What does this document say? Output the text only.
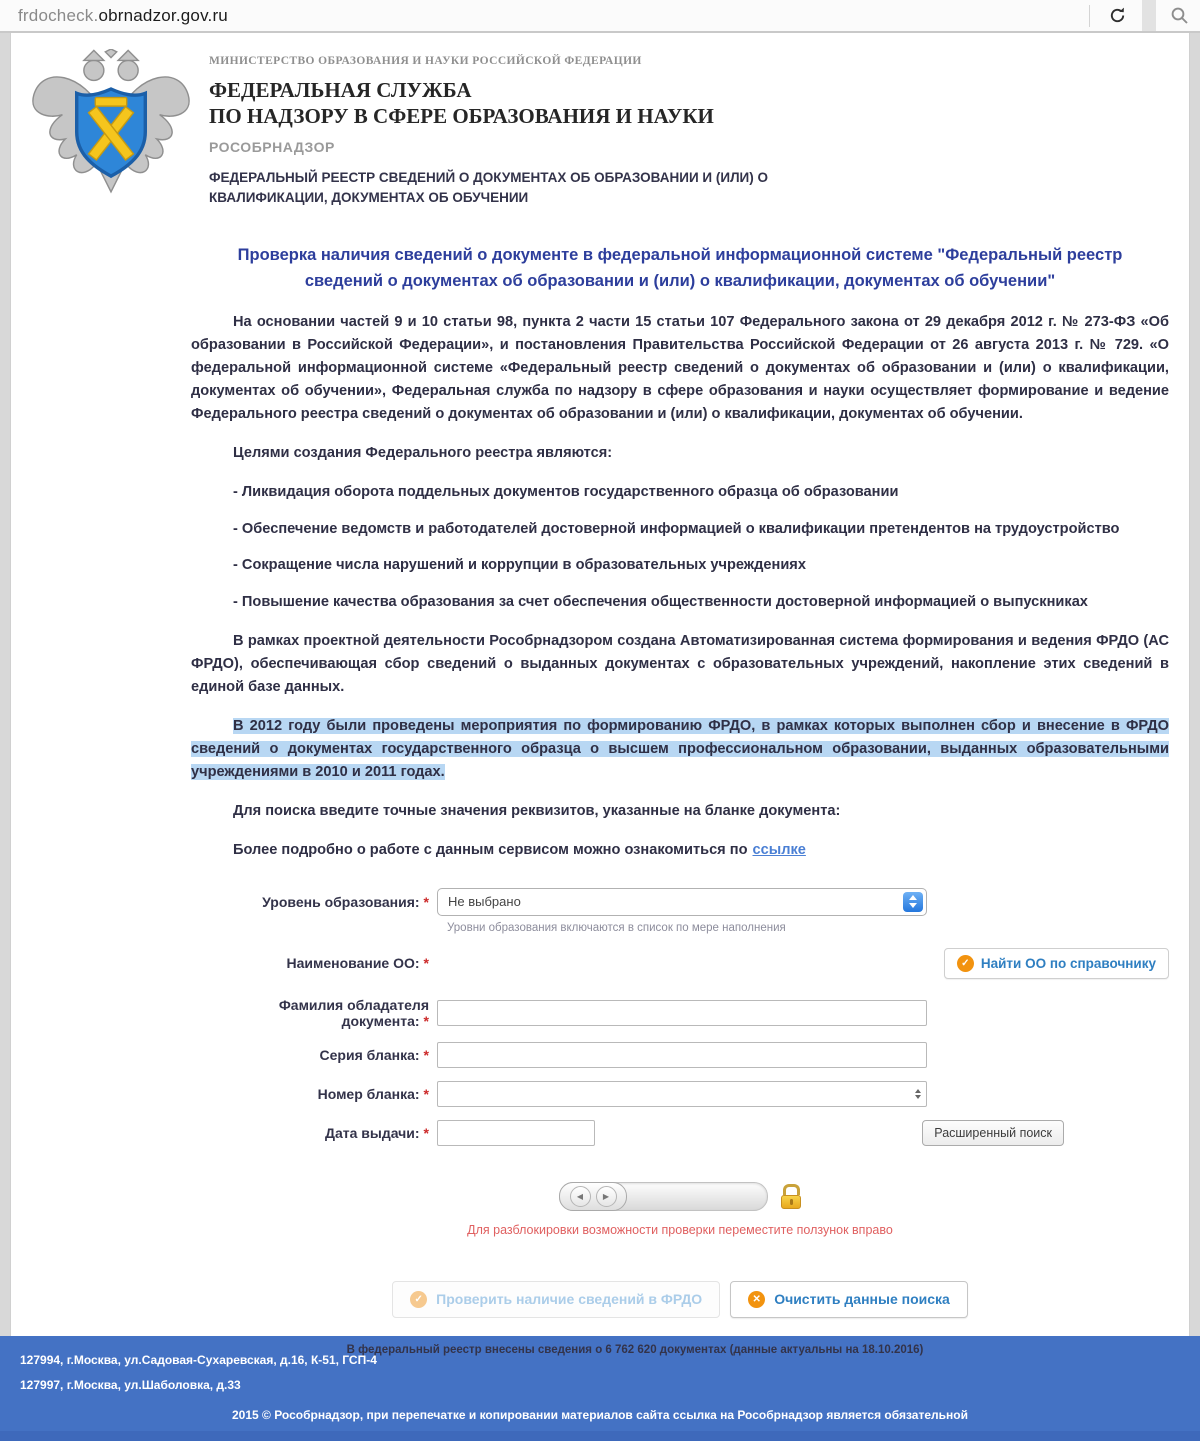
frdocheck.obrnadzor.gov.ru
МИНИСТЕРСТВО ОБРАЗОВАНИЯ И НАУКИ РОССИЙСКОЙ ФЕДЕРАЦИИ
ФЕДЕРАЛЬНАЯ СЛУЖБА
ПО НАДЗОРУ В СФЕРЕ ОБРАЗОВАНИЯ И НАУКИ
РОСОБРНАДЗОР
ФЕДЕРАЛЬНЫЙ РЕЕСТР СВЕДЕНИЙ О ДОКУМЕНТАХ ОБ ОБРАЗОВАНИИ И (ИЛИ) О КВАЛИФИКАЦИИ, ДОКУМЕНТАХ ОБ ОБУЧЕНИИ
Проверка наличия сведений о документе в федеральной информационной системе "Федеральный реестр сведений о документах об образовании и (или) о квалификации, документах об обучении"

На основании частей 9 и 10 статьи 98, пункта 2 части 15 статьи 107 Федерального закона от 29 декабря 2012 г. № 273-ФЗ «Об образовании в Российской Федерации», и постановления Правительства Российской Федерации от 26 августа 2013 г. № 729. «О федеральной информационной системе «Федеральный реестр сведений о документах об образовании и (или) о квалификации, документах об обучении», Федеральная служба по надзору в сфере образования и науки осуществляет формирование и ведение Федерального реестра сведений о документах об образовании и (или) о квалификации, документах об обучении.

Целями создания Федерального реестра являются:

- Ликвидация оборота поддельных документов государственного образца об образовании
- Обеспечение ведомств и работодателей достоверной информацией о квалификации претендентов на трудоустройство
- Сокращение числа нарушений и коррупции в образовательных учреждениях
- Повышение качества образования за счет обеспечения общественности достоверной информацией о выпускниках

В рамках проектной деятельности Рособрнадзором создана Автоматизированная система формирования и ведения ФРДО (АС ФРДО), обеспечивающая сбор сведений о выданных документах с образовательных учреждений, накопление этих сведений в единой базе данных.

В 2012 году были проведены мероприятия по формированию ФРДО, в рамках которых выполнен сбор и внесение в ФРДО сведений о документах государственного образца о высшем профессиональном образовании, выданных образовательными учреждениями в 2010 и 2011 годах.

Для поиска введите точные значения реквизитов, указанные на бланке документа:

Более подробно о работе с данным сервисом можно ознакомиться по ссылке

Уровень образования: *	Не выбрано
Уровни образования включаются в список по мере наполнения
Наименование ОО: *	✓ Найти ОО по справочнику
Фамилия обладателя документа: *
Серия бланка: *
Номер бланка: *
Дата выдачи: *	Расширенный поиск
◀	▶
Для разблокировки возможности проверки переместите ползунок вправо
✓ Проверить наличие сведений в ФРДО	✕ Очистить данные поиска
В федеральный реестр внесены сведения о 6 762 620 документах (данные актуальны на 18.10.2016)
127994, г.Москва, ул.Садовая-Сухаревская, д.16, К-51, ГСП-4
127997, г.Москва, ул.Шаболовка, д.33
2015 © Рособрнадзор, при перепечатке и копировании материалов сайта ссылка на Рособрнадзор является обязательной
